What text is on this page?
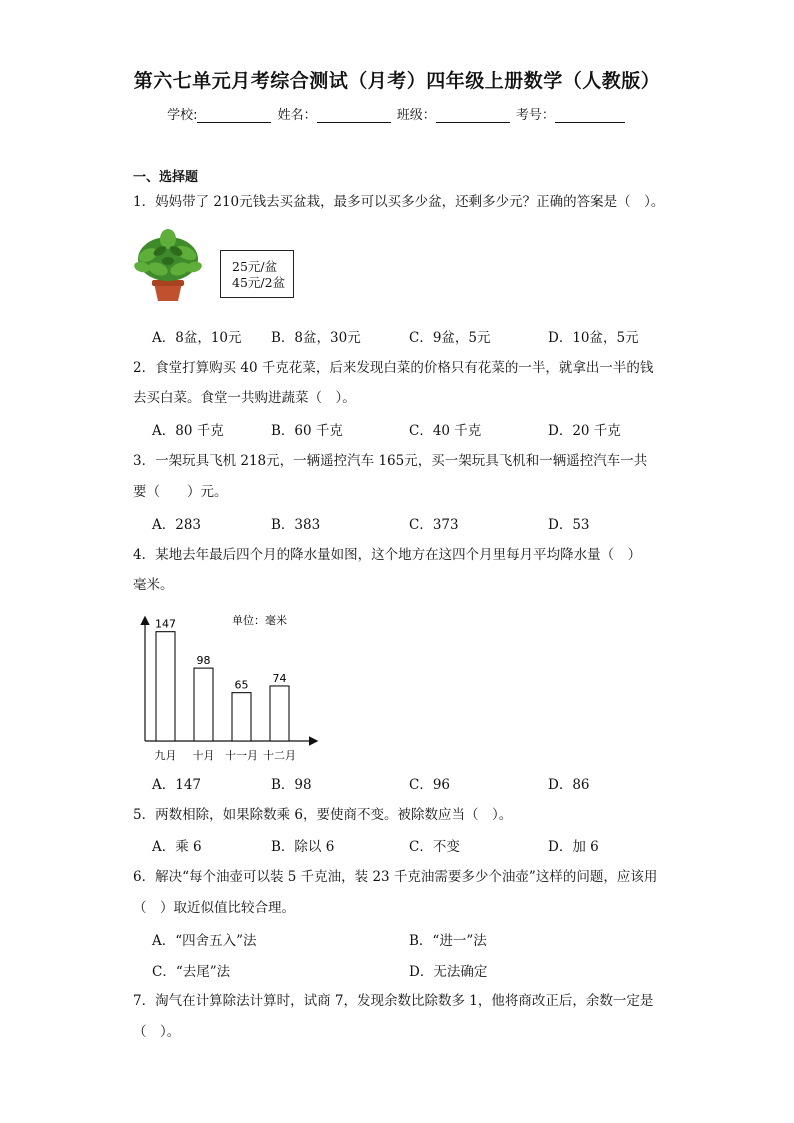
第六七单元月考综合测试（月考）四年级上册数学（人教版）
学校:	姓名：	班级：	考号：
一、选择题
1．妈妈带了 210元钱去买盆栽，最多可以买多少盆，还剩多少元？正确的答案是（　）。
25元/盆
45元/2盆
A．8盆，10元 B．8盆，30元	C．9盆，5元	D．10盆，5元
2．食堂打算购买 40 千克花菜，后来发现白菜的价格只有花菜的一半，就拿出一半的钱
去买白菜。食堂一共购进蔬菜（　）。
A．80 千克	B．60 千克	C．40 千克	D．20 千克
3．一架玩具飞机 218元，一辆遥控汽车 165元，买一架玩具飞机和一辆遥控汽车一共
要（　　）元。
A．283	B．383	C．373	D．53
4．某地去年最后四个月的降水量如图，这个地方在这四个月里每月平均降水量（　）
毫米。
单位：毫米
147
九月
98
十月
65
十一月
74
十二月
A．147	B．98	C．96	D．86
5．两数相除，如果除数乘 6，要使商不变。被除数应当（　）。
A．乘 6	B．除以 6	C．不变	D．加 6
6．解决“每个油壶可以装 5 千克油，装 23 千克油需要多少个油壶”这样的问题，应该用
（　）取近似值比较合理。
A．“四舍五入”法	B．“进一”法
C．“去尾”法	D．无法确定
7．淘气在计算除法计算时，试商 7，发现余数比除数多 1，他将商改正后，余数一定是
（　）。
